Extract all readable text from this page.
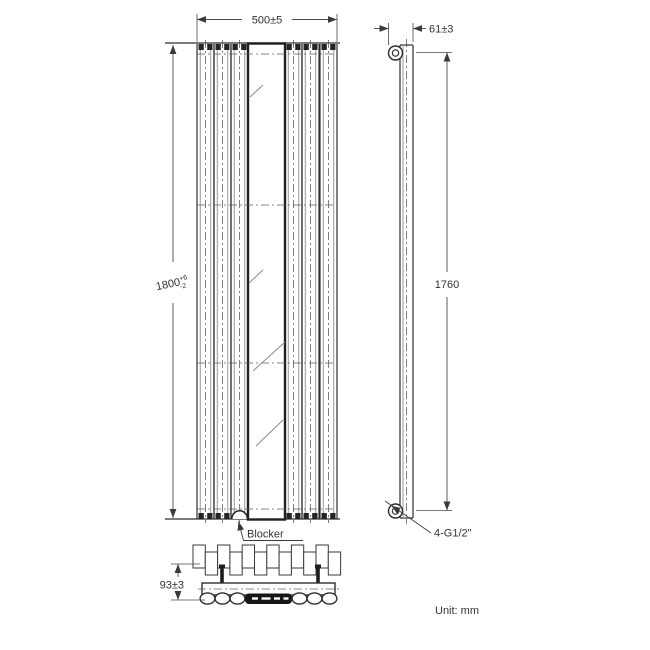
500±5
$1800^{+6}-2$
Blocker
61±3
1760
4-G1/2"
93±3
Unit: mm
